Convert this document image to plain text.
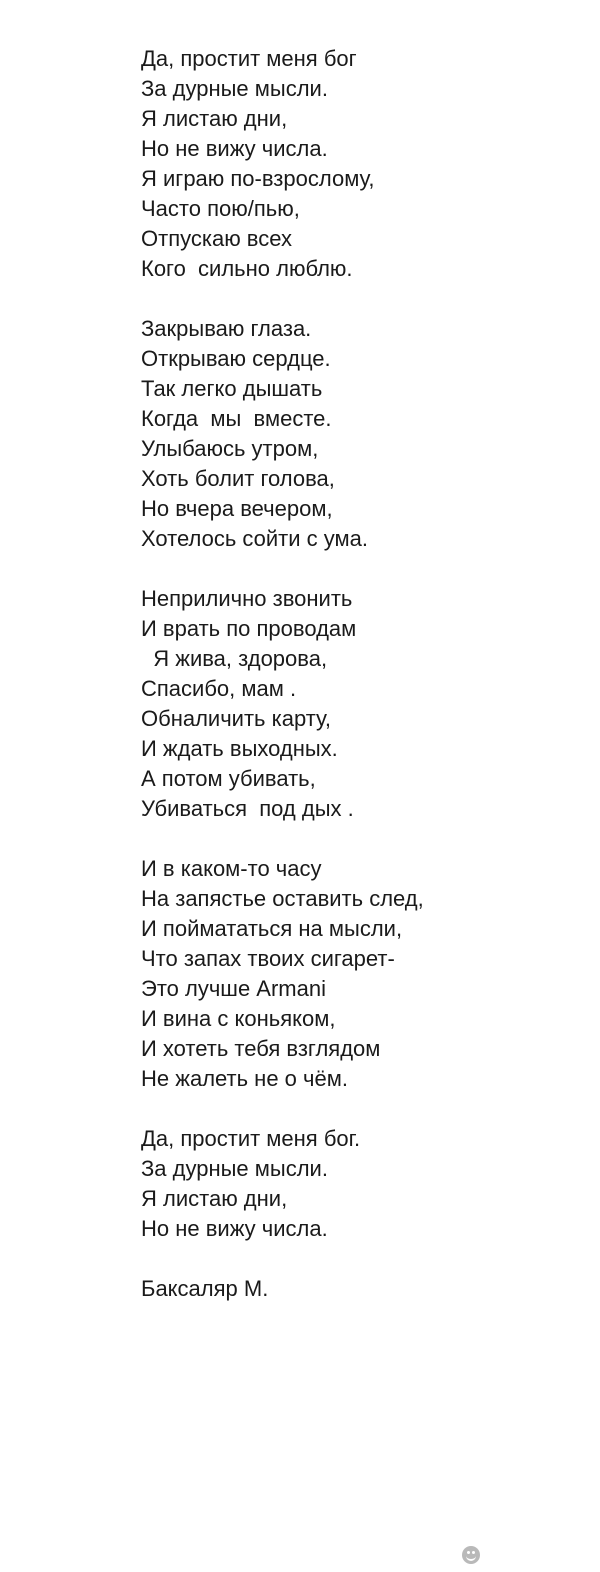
Да, простит меня бог
За дурные мысли.
Я листаю дни,
Но не вижу числа.
Я играю по-взрослому,
Часто пою/пью,
Отпускаю всех
Кого  сильно люблю.
Закрываю глаза.
Открываю сердце.
Так легко дышать
Когда  мы  вместе.
Улыбаюсь утром,
Хоть болит голова,
Но вчера вечером,
Хотелось сойти с ума.
Неприлично звонить
И врать по проводам
Я жива, здорова,
Спасибо, мам .
Обналичить карту,
И ждать выходных.
А потом убивать,
Убиваться  под дых .
И в каком-то часу
На запястье оставить след,
И поймататься на мысли,
Что запах твоих сигарет-
Это лучше Armani
И вина с коньяком,
И хотеть тебя взглядом
Не жалеть не о чём.
Да, простит меня бог.
За дурные мысли.
Я листаю дни,
Но не вижу числа.
Баксаляр М.
